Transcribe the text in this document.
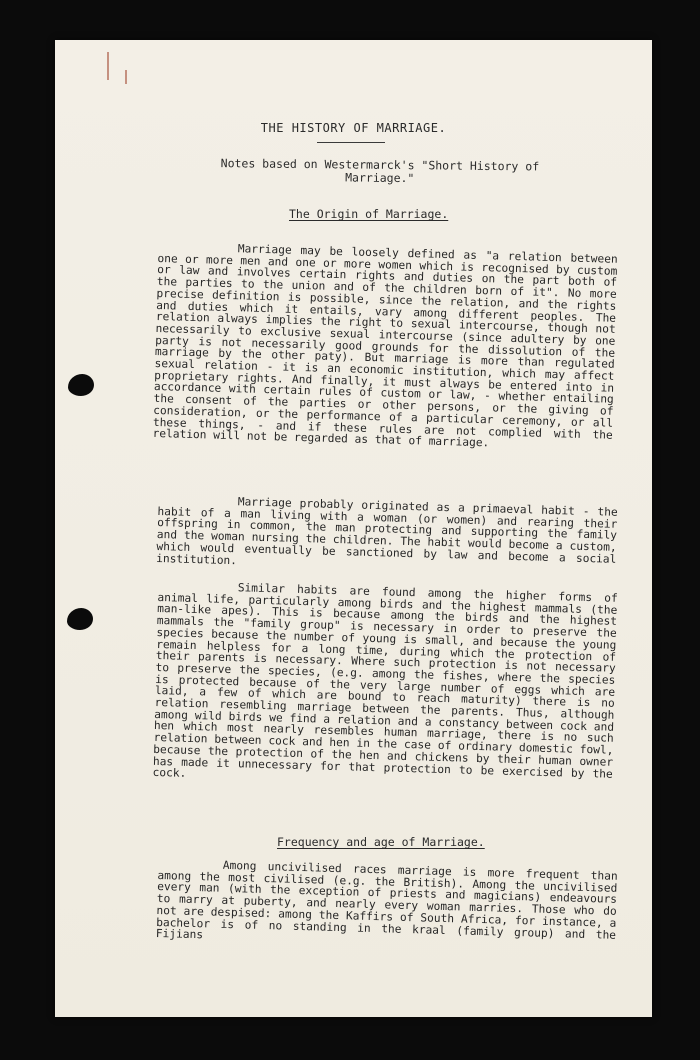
THE HISTORY OF MARRIAGE.
Notes based on Westermarck's "Short History of Marriage."
The Origin of Marriage.

Marriage may be loosely defined as "a relation between one or more men and one or more women which is recognised by custom or law and involves certain rights and duties on the part both of the parties to the union and of the children born of it". No more precise definition is possible, since the relation, and the rights and duties which it entails, vary among different peoples. The relation always implies the right to sexual intercourse, though not necessarily to exclusive sexual intercourse (since adultery by one party is not necessarily good grounds for the dissolution of the marriage by the other paty). But marriage is more than regulated sexual relation - it is an economic institution, which may affect proprietary rights. And finally, it must always be entered into in accordance with certain rules of custom or law, - whether entailing the consent of the parties or other persons, or the giving of consideration, or the performance of a particular ceremony, or all these things, - and if these rules are not complied with the relation will not be regarded as that of marriage.

Marriage probably originated as a primaeval habit - the habit of a man living with a woman (or women) and rearing their offspring in common, the man protecting and supporting the family and the woman nursing the children. The habit would become a custom, which would eventually be sanctioned by law and become a social institution.

Similar habits are found among the higher forms of animal life, particularly among birds and the highest mammals (the man-like apes). This is because among the birds and the highest mammals the "family group" is necessary in order to preserve the species because the number of young is small, and because the young remain helpless for a long time, during which the protection of their parents is necessary. Where such protection is not necessary to preserve the species, (e.g. among the fishes, where the species is protected because of the very large number of eggs which are laid, a few of which are bound to reach maturity) there is no relation resembling marriage between the parents. Thus, although among wild birds we find a relation and a constancy between cock and hen which most nearly resembles human marriage, there is no such relation between cock and hen in the case of ordinary domestic fowl, because the protection of the hen and chickens by their human owner has made it unnecessary for that protection to be exercised by the cock.

Frequency and age of Marriage.

Among uncivilised races marriage is more frequent than among the most civilised (e.g. the British). Among the uncivilised every man (with the exception of priests and magicians) endeavours to marry at puberty, and nearly every woman marries. Those who do not are despised: among the Kaffirs of South Africa, for instance, a bachelor is of no standing in the kraal (family group) and the Fijians
